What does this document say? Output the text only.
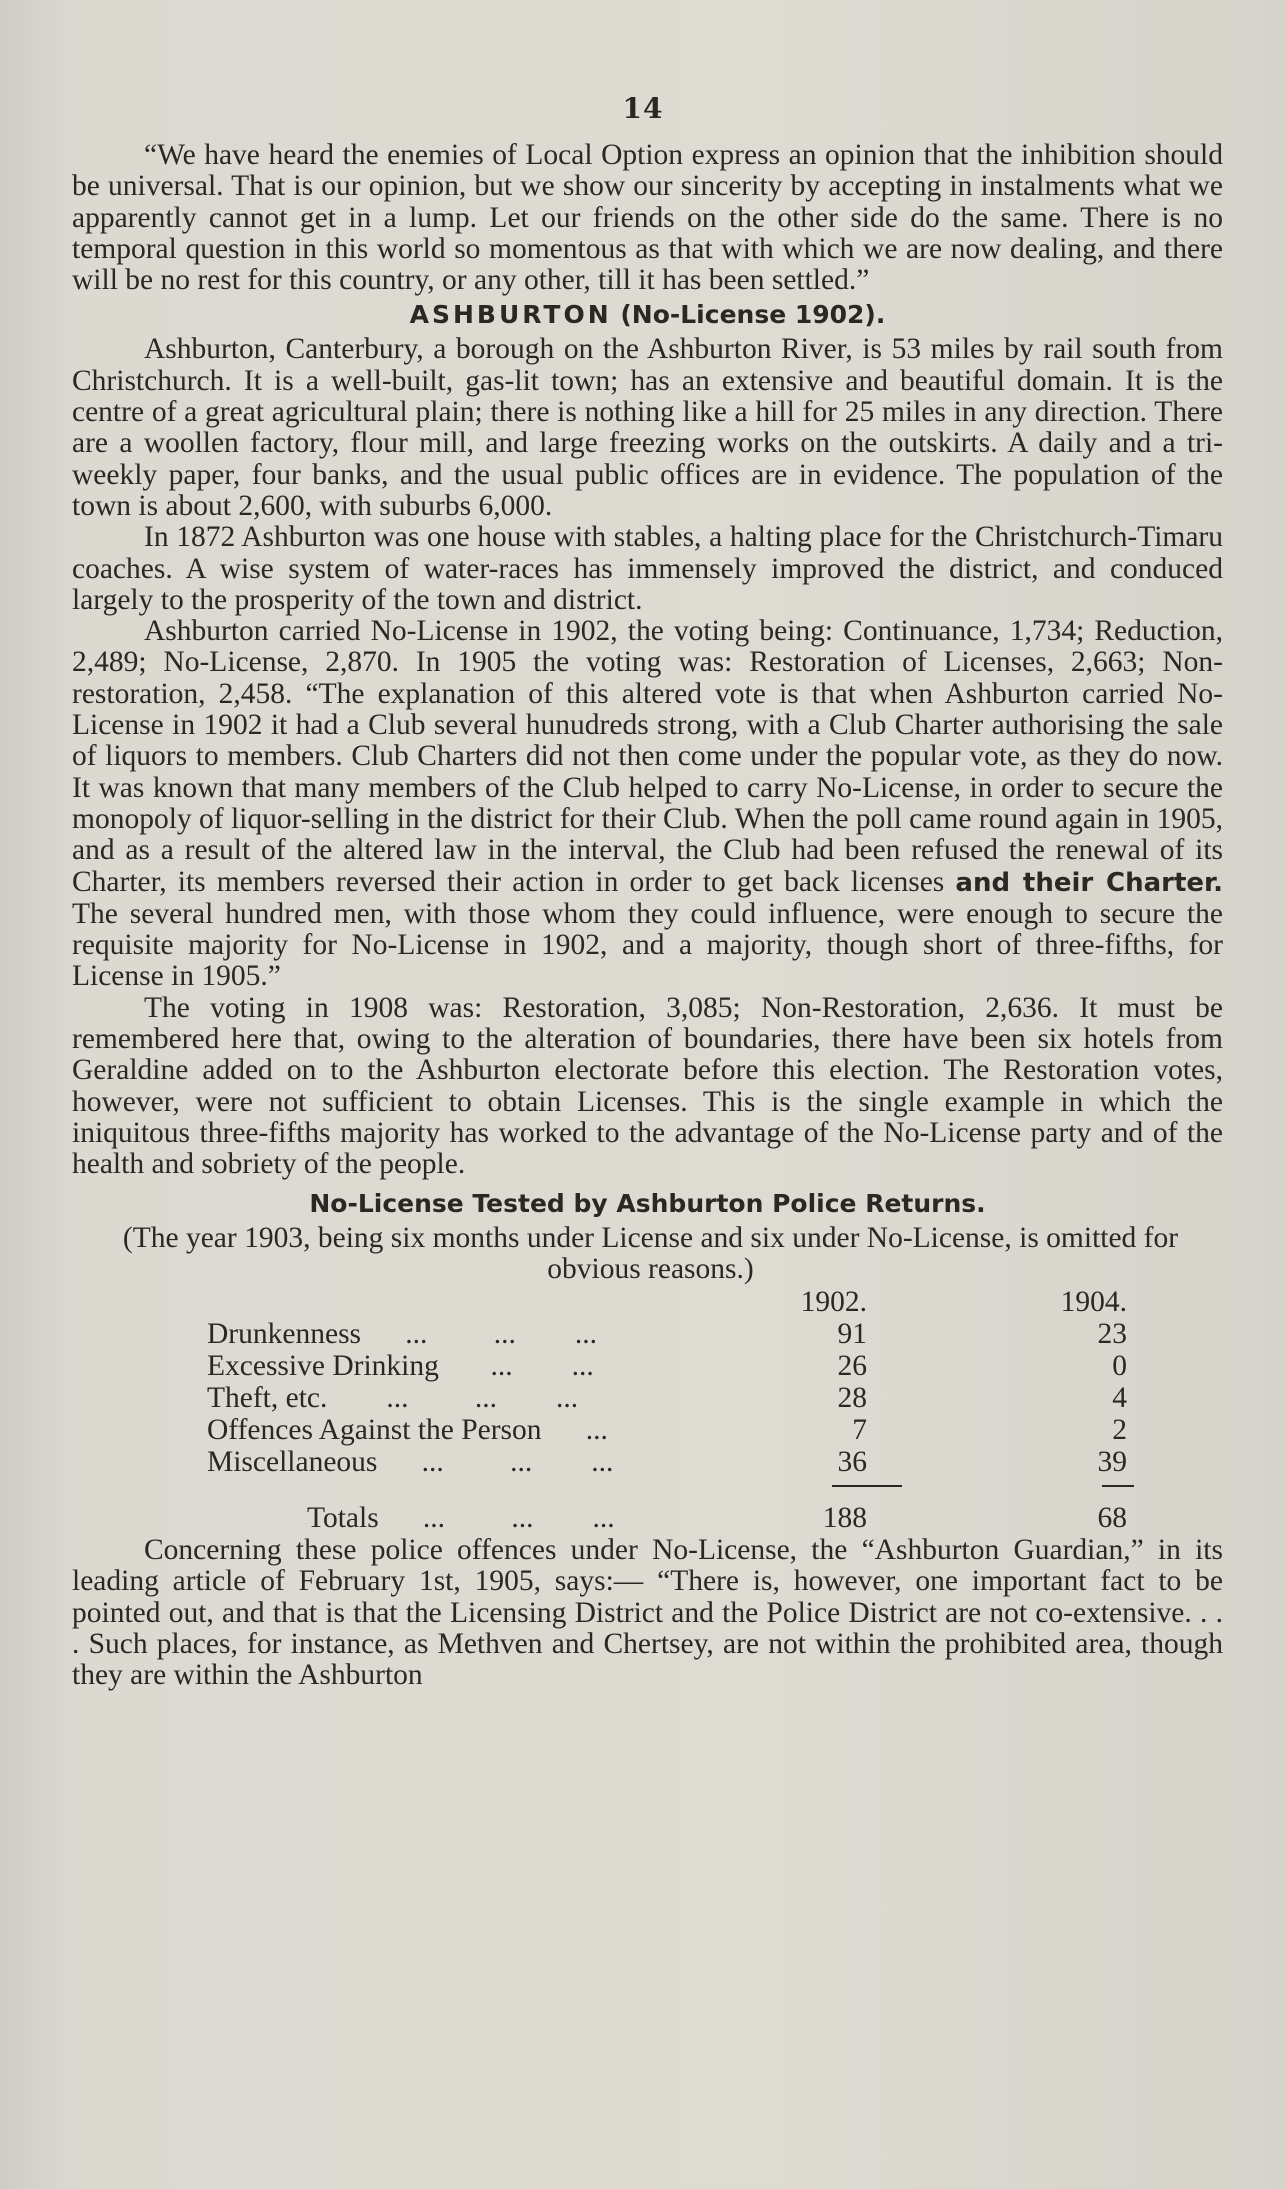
14

“We have heard the enemies of Local Option express an opinion that the inhibition should be universal. That is our opinion, but we show our sincerity by accepting in instalments what we apparently cannot get in a lump. Let our friends on the other side do the same. There is no temporal question in this world so momentous as that with which we are now dealing, and there will be no rest for this country, or any other, till it has been settled.”

ASHBURTON (No-License 1902).

Ashburton, Canterbury, a borough on the Ashburton River, is 53 miles by rail south from Christchurch. It is a well-built, gas-lit town; has an extensive and beautiful domain. It is the centre of a great agricultural plain; there is nothing like a hill for 25 miles in any direction. There are a woollen factory, flour mill, and large freezing works on the outskirts. A daily and a tri-weekly paper, four banks, and the usual public offices are in evidence. The population of the town is about 2,600, with suburbs 6,000.

In 1872 Ashburton was one house with stables, a halting place for the Christchurch-Timaru coaches. A wise system of water-races has immensely improved the district, and conduced largely to the prosperity of the town and district.

Ashburton carried No-License in 1902, the voting being: Continuance, 1,734; Reduction, 2,489; No-License, 2,870. In 1905 the voting was: Restoration of Licenses, 2,663; Non-restoration, 2,458. “The explanation of this altered vote is that when Ashburton carried No-License in 1902 it had a Club several hunudreds strong, with a Club Charter authorising the sale of liquors to members. Club Charters did not then come under the popular vote, as they do now. It was known that many members of the Club helped to carry No-License, in order to secure the monopoly of liquor-selling in the district for their Club. When the poll came round again in 1905, and as a result of the altered law in the interval, the Club had been refused the renewal of its Charter, its members reversed their action in order to get back licenses and their Charter. The several hundred men, with those whom they could influence, were enough to secure the requisite majority for No-License in 1902, and a majority, though short of three-fifths, for License in 1905.”

The voting in 1908 was: Restoration, 3,085; Non-Restoration, 2,636. It must be remembered here that, owing to the alteration of boundaries, there have been six hotels from Geraldine added on to the Ashburton electorate before this election. The Restoration votes, however, were not sufficient to obtain Licenses. This is the single example in which the iniquitous three-fifths majority has worked to the advantage of the No-License party and of the health and sobriety of the people.

No-License Tested by Ashburton Police Returns.

(The year 1903, being six months under License and six under No-License, is omitted for obvious reasons.)

1902.	1904.
Drunkenness      ...         ...        ...	91	23
Excessive Drinking       ...        ...	26	0
Theft, etc.        ...         ...        ...	28	4
Offences Against the Person      ...	7	2
Miscellaneous      ...         ...        ...	36	39
Totals      ...         ...        ...	188	68

Concerning these police offences under No-License, the “Ashburton Guardian,” in its leading article of February 1st, 1905, says:— “There is, however, one important fact to be pointed out, and that is that the Licensing District and the Police District are not co-extensive. . . . Such places, for instance, as Methven and Chertsey, are not within the prohibited area, though they are within the Ashburton
